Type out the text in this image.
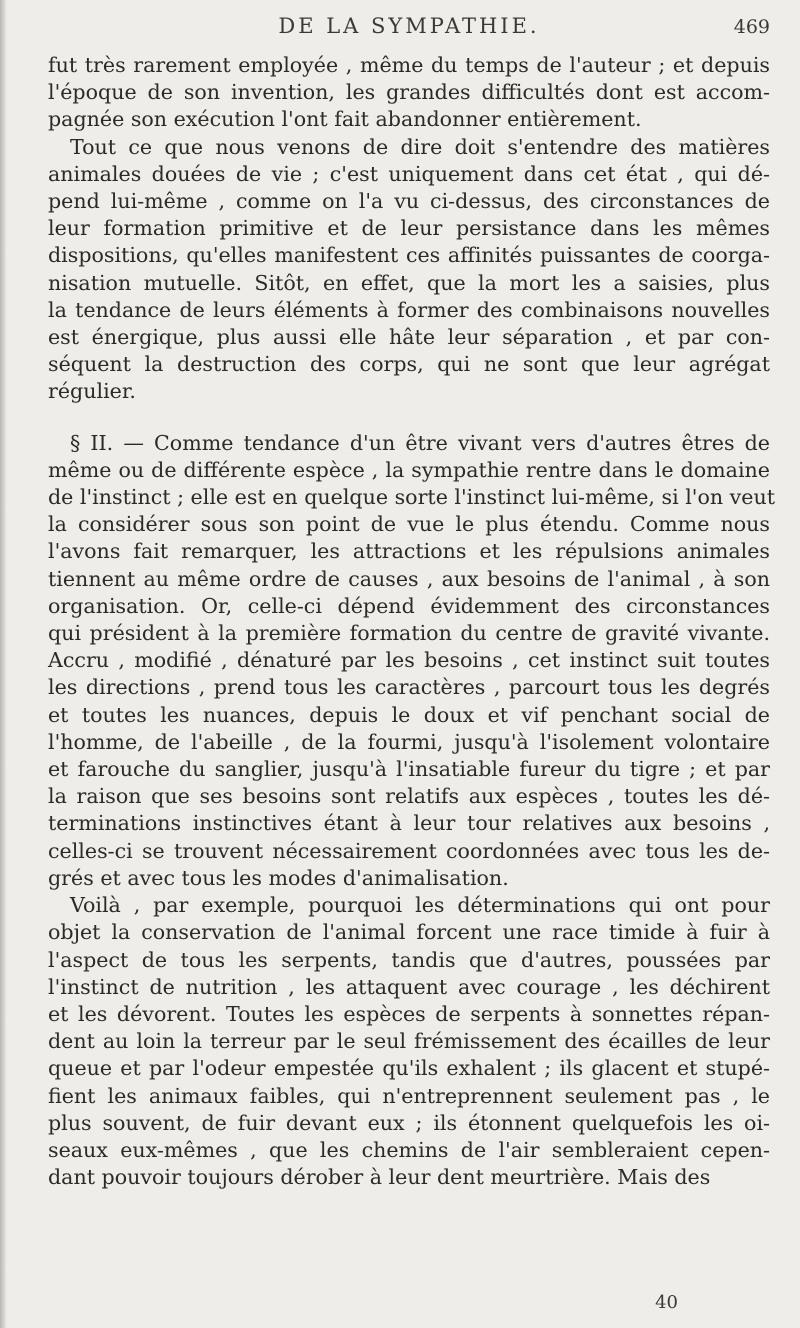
DE LA SYMPATHIE.	469

fut très rarement employée , même du temps de l'auteur ; et depuis
l'époque de son invention, les grandes difficultés dont est accom-
pagnée son exécution l'ont fait abandonner entièrement.

Tout ce que nous venons de dire doit s'entendre des matières
animales douées de vie ; c'est uniquement dans cet état , qui dé-
pend lui-même , comme on l'a vu ci-dessus, des circonstances de
leur formation primitive et de leur persistance dans les mêmes
dispositions, qu'elles manifestent ces affinités puissantes de coorga-
nisation mutuelle. Sitôt, en effet, que la mort les a saisies, plus
la tendance de leurs éléments à former des combinaisons nouvelles
est énergique, plus aussi elle hâte leur séparation , et par con-
séquent la destruction des corps, qui ne sont que leur agrégat
régulier.

§ II. — Comme tendance d'un être vivant vers d'autres êtres de
même ou de différente espèce , la sympathie rentre dans le domaine
de l'instinct ; elle est en quelque sorte l'instinct lui-même, si l'on veut
la considérer sous son point de vue le plus étendu. Comme nous
l'avons fait remarquer, les attractions et les répulsions animales
tiennent au même ordre de causes , aux besoins de l'animal , à son
organisation. Or, celle-ci dépend évidemment des circonstances
qui président à la première formation du centre de gravité vivante.
Accru , modifié , dénaturé par les besoins , cet instinct suit toutes
les directions , prend tous les caractères , parcourt tous les degrés
et toutes les nuances, depuis le doux et vif penchant social de
l'homme, de l'abeille , de la fourmi, jusqu'à l'isolement volontaire
et farouche du sanglier, jusqu'à l'insatiable fureur du tigre ; et par
la raison que ses besoins sont relatifs aux espèces , toutes les dé-
terminations instinctives étant à leur tour relatives aux besoins ,
celles-ci se trouvent nécessairement coordonnées avec tous les de-
grés et avec tous les modes d'animalisation.

Voilà , par exemple, pourquoi les déterminations qui ont pour
objet la conservation de l'animal forcent une race timide à fuir à
l'aspect de tous les serpents, tandis que d'autres, poussées par
l'instinct de nutrition , les attaquent avec courage , les déchirent
et les dévorent. Toutes les espèces de serpents à sonnettes répan-
dent au loin la terreur par le seul frémissement des écailles de leur
queue et par l'odeur empestée qu'ils exhalent ; ils glacent et stupé-
fient les animaux faibles, qui n'entreprennent seulement pas , le
plus souvent, de fuir devant eux ; ils étonnent quelquefois les oi-
seaux eux-mêmes , que les chemins de l'air sembleraient cepen-
dant pouvoir toujours dérober à leur dent meurtrière. Mais des

40
